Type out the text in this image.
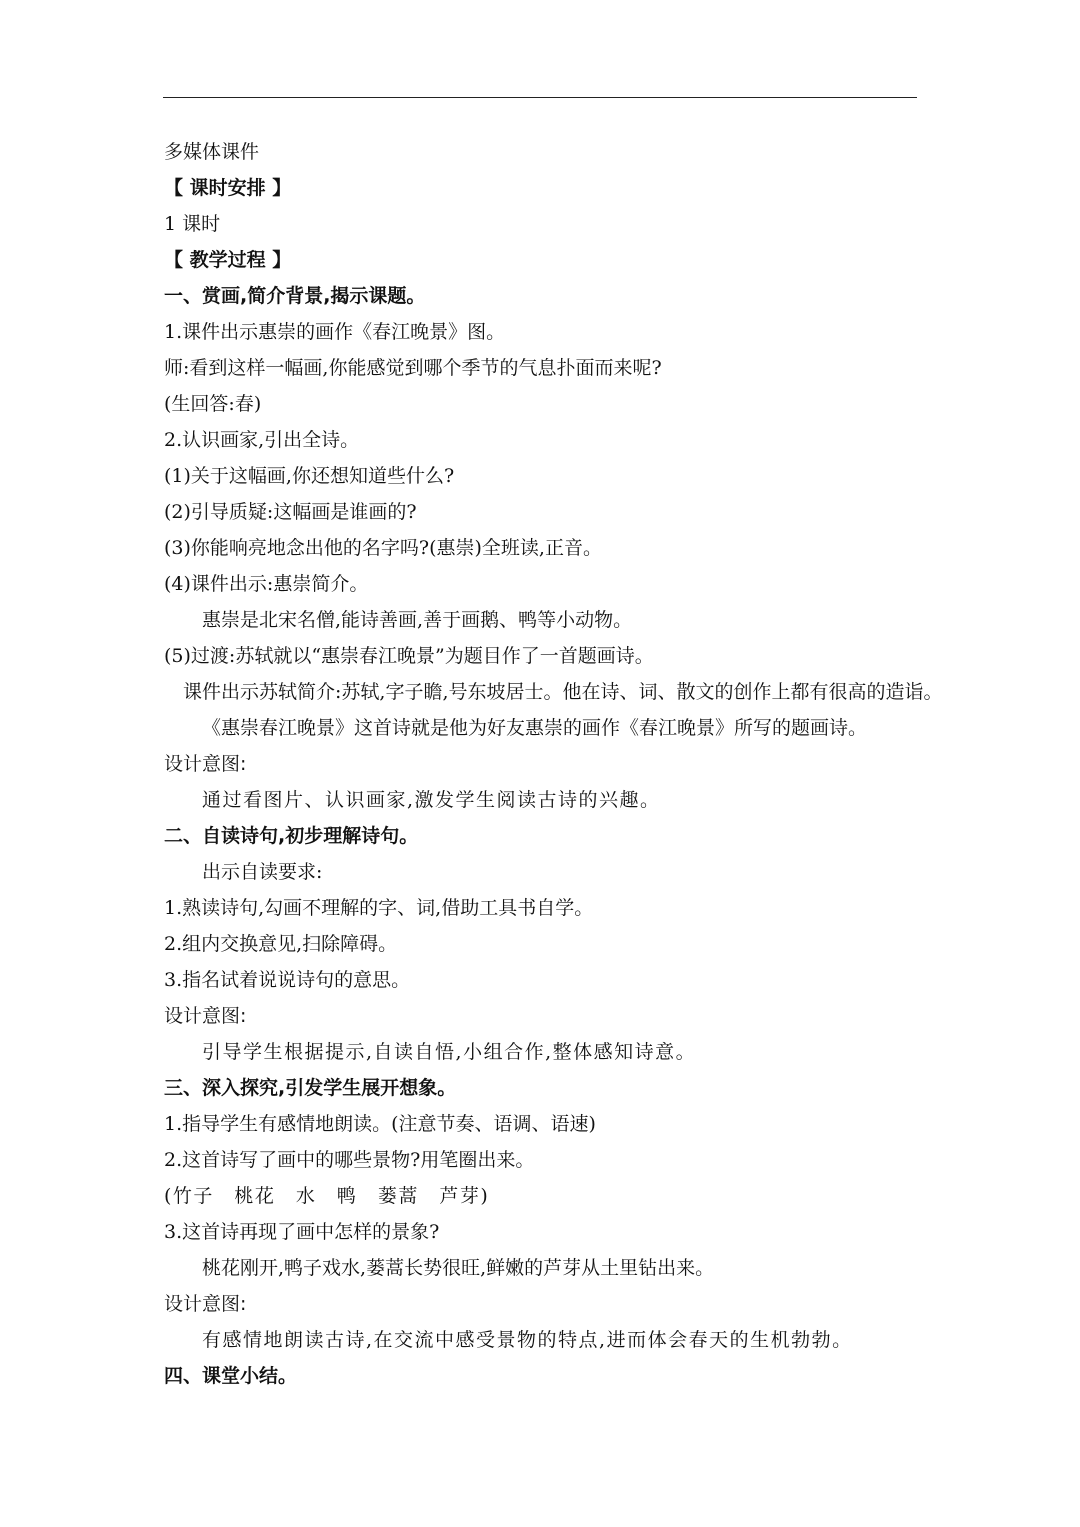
多媒体课件
【 课时安排 】
1 课时
【 教学过程 】
一、赏画,简介背景,揭示课题。
1.课件出示惠崇的画作《春江晚景》图。
师:看到这样一幅画,你能感觉到哪个季节的气息扑面而来呢?
(生回答:春)
2.认识画家,引出全诗。
(1)关于这幅画,你还想知道些什么?
(2)引导质疑:这幅画是谁画的?
(3)你能响亮地念出他的名字吗?(惠崇)全班读,正音。
(4)课件出示:惠崇简介。
惠崇是北宋名僧,能诗善画,善于画鹅、鸭等小动物。
(5)过渡:苏轼就以“惠崇春江晚景”为题目作了一首题画诗。
课件出示苏轼简介:苏轼,字子瞻,号东坡居士。他在诗、词、散文的创作上都有很高的造诣。
《惠崇春江晚景》这首诗就是他为好友惠崇的画作《春江晚景》所写的题画诗。
设计意图:
通过看图片、认识画家,激发学生阅读古诗的兴趣。
二、自读诗句,初步理解诗句。
出示自读要求:
1.熟读诗句,勾画不理解的字、词,借助工具书自学。
2.组内交换意见,扫除障碍。
3.指名试着说说诗句的意思。
设计意图:
引导学生根据提示,自读自悟,小组合作,整体感知诗意。
三、深入探究,引发学生展开想象。
1.指导学生有感情地朗读。(注意节奏、语调、语速)
2.这首诗写了画中的哪些景物?用笔圈出来。
(竹子　桃花　水　鸭　蒌蒿　芦芽)
3.这首诗再现了画中怎样的景象?
桃花刚开,鸭子戏水,蒌蒿长势很旺,鲜嫩的芦芽从土里钻出来。
设计意图:
有感情地朗读古诗,在交流中感受景物的特点,进而体会春天的生机勃勃。
四、课堂小结。
